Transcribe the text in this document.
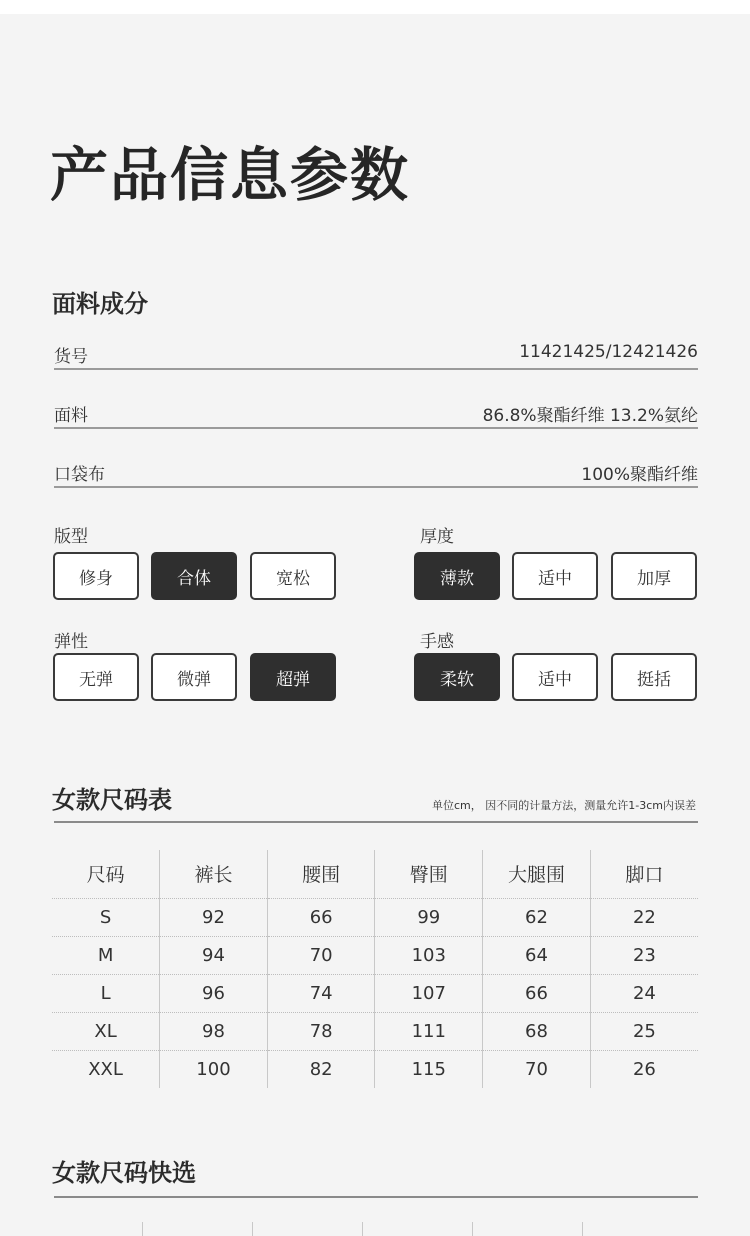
产品信息参数
面料成分
货号	11421425/12421426
面料	86.8%聚酯纤维 13.2%氨纶
口袋布	100%聚酯纤维
版型
修身	合体	宽松
厚度
薄款	适中	加厚
弹性
无弹	微弹	超弹
手感
柔软	适中	挺括
女款尺码表	单位cm， 因不同的计量方法，测量允许1-3cm内误差
尺码	裤长	腰围	臀围	大腿围	脚口
S	92	66	99	62	22
M	94	70	103	64	23
L	96	74	107	66	24
XL	98	78	111	68	25
XXL	100	82	115	70	26
女款尺码快选
